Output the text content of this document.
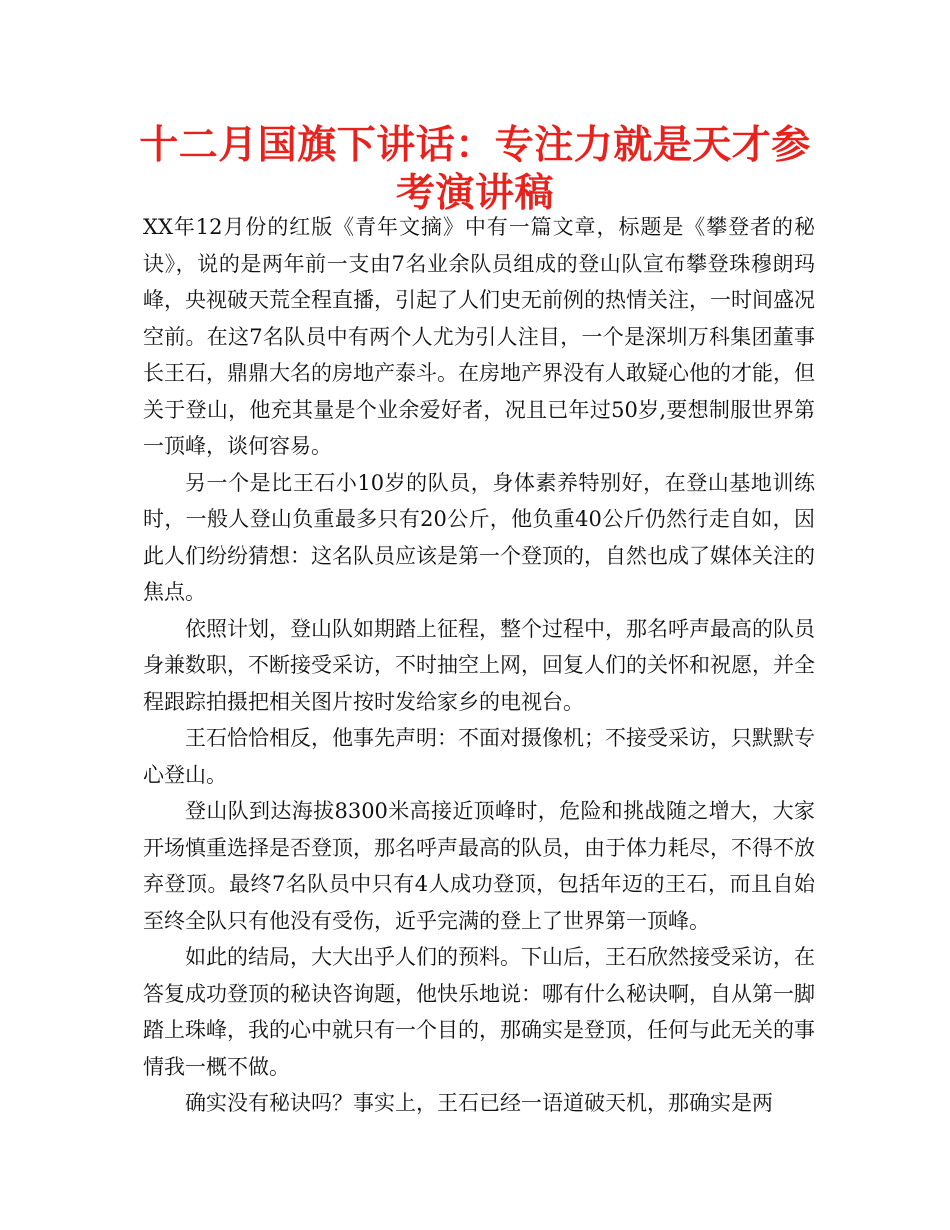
十二月国旗下讲话：专注力就是天才参考演讲稿

XX年12月份的红版《青年文摘》中有一篇文章，标题是《攀登者的秘诀》，说的是两年前一支由7名业余队员组成的登山队宣布攀登珠穆朗玛峰，央视破天荒全程直播，引起了人们史无前例的热情关注，一时间盛况空前。在这7名队员中有两个人尤为引人注目，一个是深圳万科集团董事长王石，鼎鼎大名的房地产泰斗。在房地产界没有人敢疑心他的才能，但关于登山，他充其量是个业余爱好者，况且已年过50岁,要想制服世界第一顶峰，谈何容易。

另一个是比王石小10岁的队员，身体素养特别好，在登山基地训练时，一般人登山负重最多只有20公斤，他负重40公斤仍然行走自如，因此人们纷纷猜想：这名队员应该是第一个登顶的，自然也成了媒体关注的焦点。

依照计划，登山队如期踏上征程，整个过程中，那名呼声最高的队员身兼数职，不断接受采访，不时抽空上网，回复人们的关怀和祝愿，并全程跟踪拍摄把相关图片按时发给家乡的电视台。

王石恰恰相反，他事先声明：不面对摄像机；不接受采访，只默默专心登山。

登山队到达海拔8300米高接近顶峰时，危险和挑战随之增大，大家开场慎重选择是否登顶，那名呼声最高的队员，由于体力耗尽，不得不放弃登顶。最终7名队员中只有4人成功登顶，包括年迈的王石，而且自始至终全队只有他没有受伤，近乎完满的登上了世界第一顶峰。

如此的结局，大大出乎人们的预料。下山后，王石欣然接受采访，在答复成功登顶的秘诀咨询题，他快乐地说：哪有什么秘诀啊，自从第一脚踏上珠峰，我的心中就只有一个目的，那确实是登顶，任何与此无关的事情我一概不做。

确实没有秘诀吗？事实上，王石已经一语道破天机，那确实是两
